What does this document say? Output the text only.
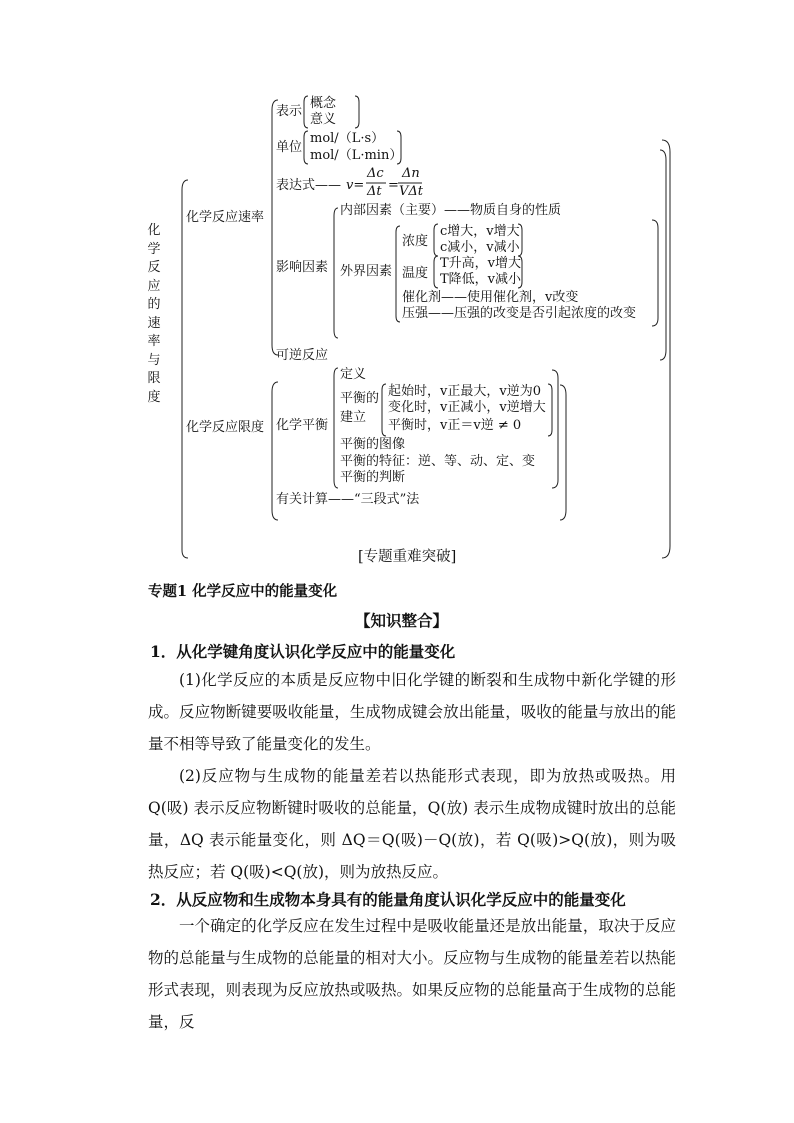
化学反应的速率与限度
化学反应速率
表示
概念
意义
单位
mol/（L·s）
mol/（L·min）
表达式—— v=
Δc
Δt =
Δn
VΔt
内部因素（主要）——物质自身的性质
影响因素 外界因素
浓度
c增大，v增大
c减小，v减小
温度
T升高，v增大
T降低，v减小
催化剂——使用催化剂，v改变
压强——压强的改变是否引起浓度的改变
可逆反应
化学反应限度
定义
化学平衡
平衡的建立
起始时，v正最大，v逆为0
变化时，v正减小，v逆增大
平衡时，v正＝v逆 ≠ 0
平衡的图像
平衡的特征：逆、等、动、定、变
平衡的判断
有关计算——“三段式”法
[专题重难突破]
专题1 化学反应中的能量变化
【知识整合】
1．从化学键角度认识化学反应中的能量变化
(1)化学反应的本质是反应物中旧化学键的断裂和生成物中新化学键的形成。反应物断键要吸收能量，生成物成键会放出能量，吸收的能量与放出的能量不相等导致了能量变化的发生。
(2)反应物与生成物的能量差若以热能形式表现，即为放热或吸热。用 Q(吸) 表示反应物断键时吸收的总能量，Q(放) 表示生成物成键时放出的总能量，ΔQ 表示能量变化，则 ΔQ＝Q(吸)－Q(放)，若 Q(吸)>Q(放)，则为吸热反应；若 Q(吸)<Q(放)，则为放热反应。
2．从反应物和生成物本身具有的能量角度认识化学反应中的能量变化
一个确定的化学反应在发生过程中是吸收能量还是放出能量，取决于反应物的总能量与生成物的总能量的相对大小。反应物与生成物的能量差若以热能形式表现，则表现为反应放热或吸热。如果反应物的总能量高于生成物的总能量，反
